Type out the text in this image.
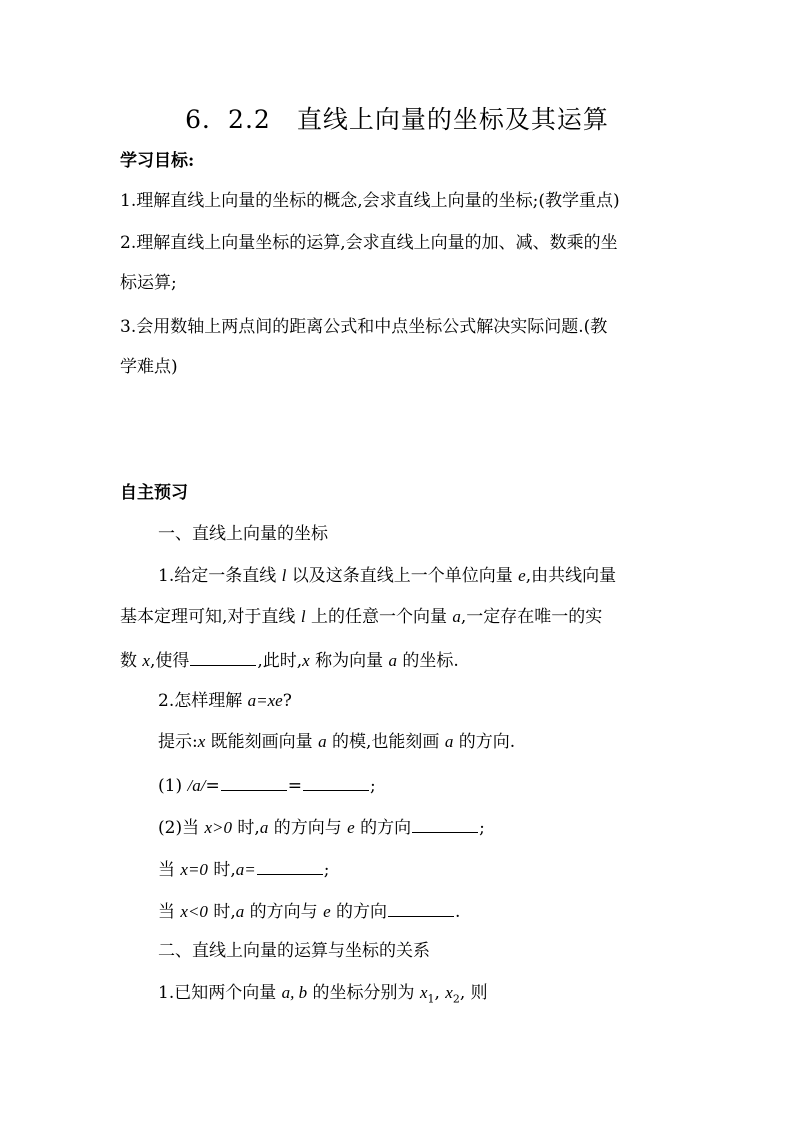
6．2.2　直线上向量的坐标及其运算
学习目标:
1.理解直线上向量的坐标的概念,会求直线上向量的坐标;(教学重点)
2.理解直线上向量坐标的运算,会求直线上向量的加、减、数乘的坐
标运算;
3.会用数轴上两点间的距离公式和中点坐标公式解决实际问题.(教
学难点)
自主预习
一、直线上向量的坐标
1.给定一条直线 l 以及这条直线上一个单位向量 e,由共线向量
基本定理可知,对于直线 l 上的任意一个向量 a,一定存在唯一的实
数 x,使得	,此时,x 称为向量 a 的坐标.
2.怎样理解 a=xe?
提示:x 既能刻画向量 a 的模,也能刻画 a 的方向.
(1) /a/=	=	;
(2)当 x>0 时,a 的方向与 e 的方向	;
当 x=0 时,a=	;
当 x<0 时,a 的方向与 e 的方向	.
二、直线上向量的运算与坐标的关系
1.已知两个向量 a, b 的坐标分别为 $x_1$, $x_2$, 则
